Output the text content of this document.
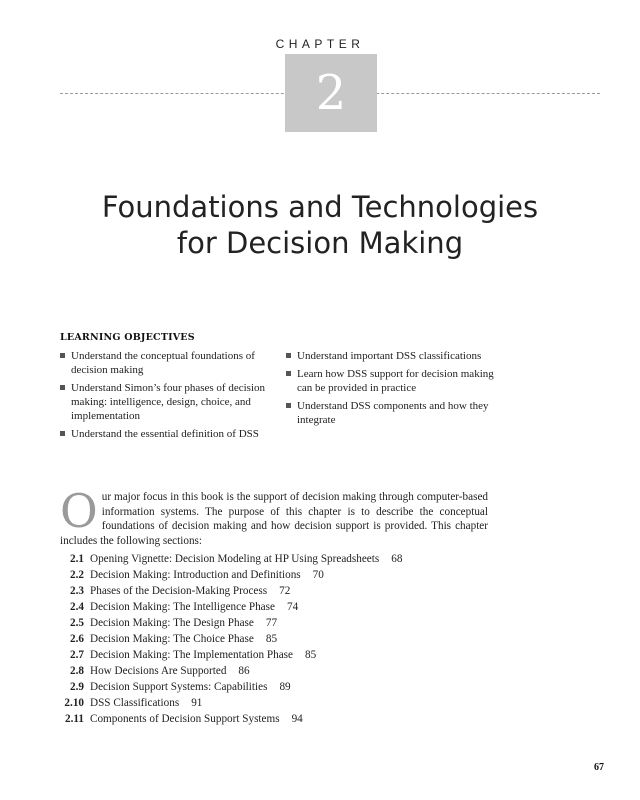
CHAPTER
2
Foundations and Technologies
for Decision Making
LEARNING OBJECTIVES
Understand the conceptual foundations of decision making
Understand Simon’s four phases of decision making: intelligence, design, choice, and implementation
Understand the essential definition of DSS
Understand important DSS classifications
Learn how DSS support for decision making can be provided in practice
Understand DSS components and how they integrate

Our major focus in this book is the support of decision making through computer-based information systems. The purpose of this chapter is to describe the conceptual foundations of decision making and how decision support is provided. This chapter includes the following sections:

2.1 Opening Vignette: Decision Modeling at HP Using Spreadsheets 68
2.2 Decision Making: Introduction and Definitions 70
2.3 Phases of the Decision-Making Process 72
2.4 Decision Making: The Intelligence Phase 74
2.5 Decision Making: The Design Phase 77
2.6 Decision Making: The Choice Phase 85
2.7 Decision Making: The Implementation Phase 85
2.8 How Decisions Are Supported 86
2.9 Decision Support Systems: Capabilities 89
2.10 DSS Classifications 91
2.11 Components of Decision Support Systems 94
67
